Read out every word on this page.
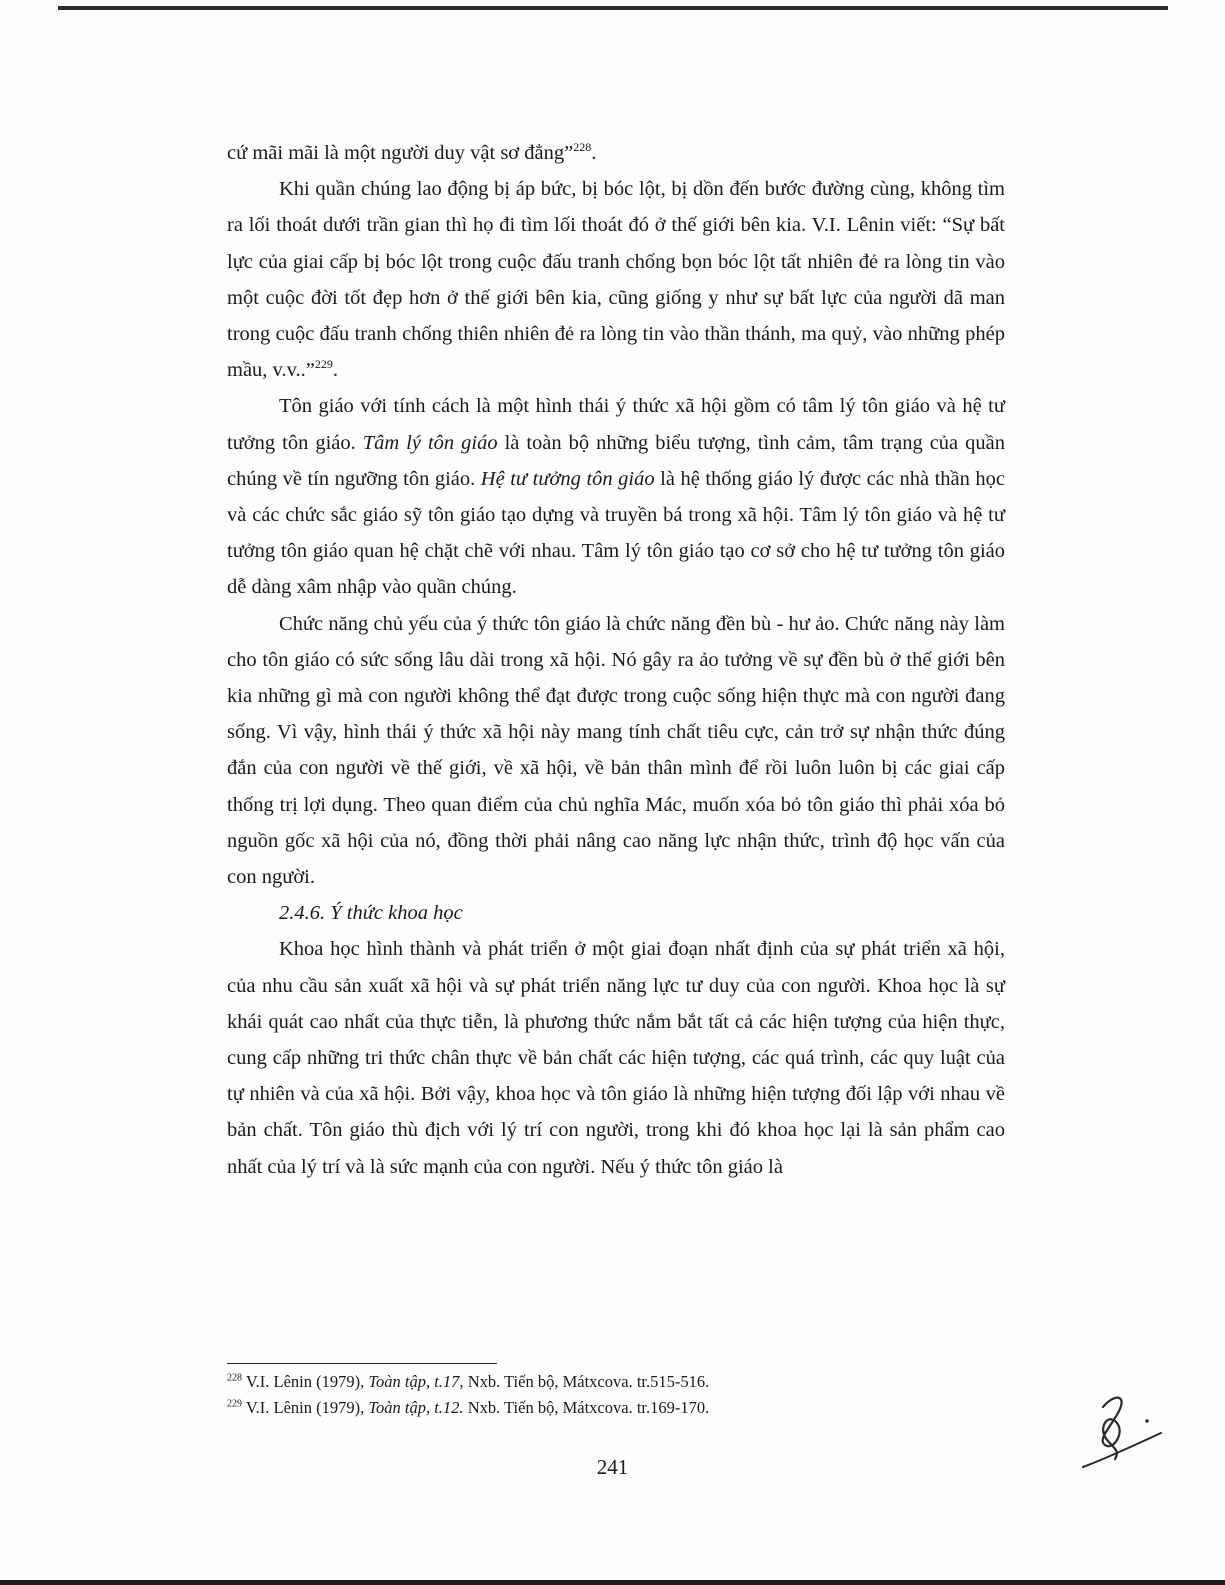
cứ mãi mãi là một người duy vật sơ đẳng”$^{228}$.

Khi quần chúng lao động bị áp bức, bị bóc lột, bị dồn đến bước đường cùng, không tìm ra lối thoát dưới trần gian thì họ đi tìm lối thoát đó ở thế giới bên kia. V.I. Lênin viết: “Sự bất lực của giai cấp bị bóc lột trong cuộc đấu tranh chống bọn bóc lột tất nhiên đẻ ra lòng tin vào một cuộc đời tốt đẹp hơn ở thế giới bên kia, cũng giống y như sự bất lực của người dã man trong cuộc đấu tranh chống thiên nhiên đẻ ra lòng tin vào thần thánh, ma quỷ, vào những phép mầu, v.v..”$^{229}$.

Tôn giáo với tính cách là một hình thái ý thức xã hội gồm có tâm lý tôn giáo và hệ tư tưởng tôn giáo. Tâm lý tôn giáo là toàn bộ những biểu tượng, tình cảm, tâm trạng của quần chúng về tín ngưỡng tôn giáo. Hệ tư tưởng tôn giáo là hệ thống giáo lý được các nhà thần học và các chức sắc giáo sỹ tôn giáo tạo dựng và truyền bá trong xã hội. Tâm lý tôn giáo và hệ tư tưởng tôn giáo quan hệ chặt chẽ với nhau. Tâm lý tôn giáo tạo cơ sở cho hệ tư tưởng tôn giáo dễ dàng xâm nhập vào quần chúng.

Chức năng chủ yếu của ý thức tôn giáo là chức năng đền bù - hư ảo. Chức năng này làm cho tôn giáo có sức sống lâu dài trong xã hội. Nó gây ra ảo tưởng về sự đền bù ở thế giới bên kia những gì mà con người không thể đạt được trong cuộc sống hiện thực mà con người đang sống. Vì vậy, hình thái ý thức xã hội này mang tính chất tiêu cực, cản trở sự nhận thức đúng đắn của con người về thế giới, về xã hội, về bản thân mình để rồi luôn luôn bị các giai cấp thống trị lợi dụng. Theo quan điểm của chủ nghĩa Mác, muốn xóa bỏ tôn giáo thì phải xóa bỏ nguồn gốc xã hội của nó, đồng thời phải nâng cao năng lực nhận thức, trình độ học vấn của con người.

2.4.6. Ý thức khoa học

Khoa học hình thành và phát triển ở một giai đoạn nhất định của sự phát triển xã hội, của nhu cầu sản xuất xã hội và sự phát triển năng lực tư duy của con người. Khoa học là sự khái quát cao nhất của thực tiễn, là phương thức nắm bắt tất cả các hiện tượng của hiện thực, cung cấp những tri thức chân thực về bản chất các hiện tượng, các quá trình, các quy luật của tự nhiên và của xã hội. Bởi vậy, khoa học và tôn giáo là những hiện tượng đối lập với nhau về bản chất. Tôn giáo thù địch với lý trí con người, trong khi đó khoa học lại là sản phẩm cao nhất của lý trí và là sức mạnh của con người. Nếu ý thức tôn giáo là

$^{228}$ V.I. Lênin (1979), Toàn tập, t.17, Nxb. Tiến bộ, Mátxcova. tr.515-516.

$^{229}$ V.I. Lênin (1979), Toàn tập, t.12. Nxb. Tiến bộ, Mátxcova. tr.169-170.

241
